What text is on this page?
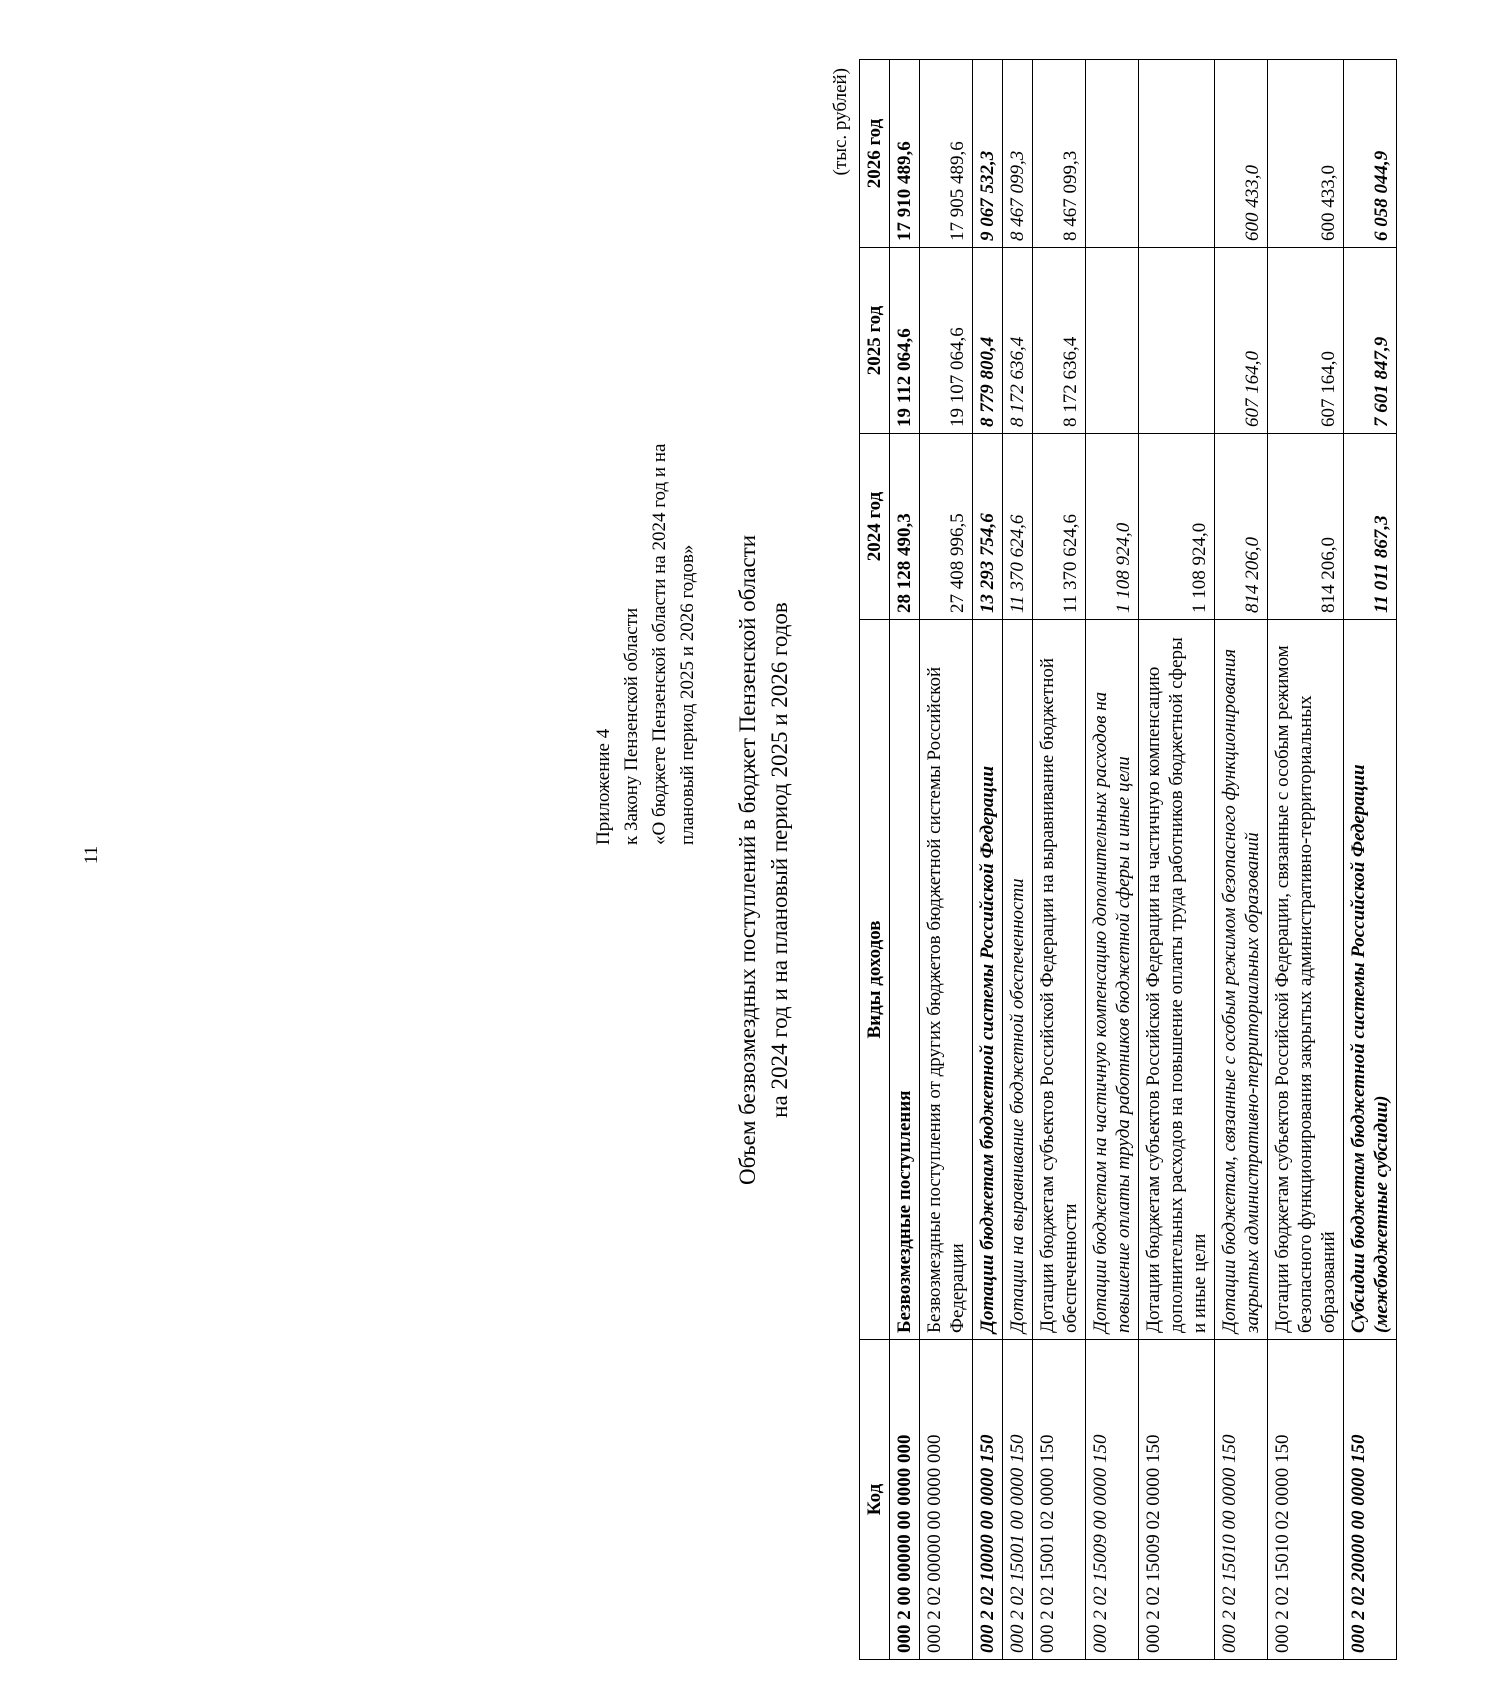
11
Приложение 4 к Закону Пензенской области «О бюджете Пензенской области на 2024 год и на плановый период 2025 и 2026 годов» Объем безвозмездных поступлений в бюджет Пензенской области на 2024 год и на плановый период 2025 и 2026 годов
(тыс. рублей)
Код	Виды доходов	2024 год	2025 год	2026 год
000 2 00 00000 00 0000 000	Безвозмездные поступления	28 128 490,3	19 112 064,6	17 910 489,6
000 2 02 00000 00 0000 000	Безвозмездные поступления от других бюджетов бюджетной системы Российской Федерации	27 408 996,5	19 107 064,6	17 905 489,6
000 2 02 10000 00 0000 150	Дотации бюджетам бюджетной системы Российской Федерации	13 293 754,6	8 779 800,4	9 067 532,3
000 2 02 15001 00 0000 150	Дотации на выравнивание бюджетной обеспеченности	11 370 624,6	8 172 636,4	8 467 099,3
000 2 02 15001 02 0000 150	Дотации бюджетам субъектов Российской Федерации на выравнивание бюджетной обеспеченности	11 370 624,6	8 172 636,4	8 467 099,3
000 2 02 15009 00 0000 150	Дотации бюджетам на частичную компенсацию дополнительных расходов на повышение оплаты труда работников бюджетной сферы и иные цели	1 108 924,0		
000 2 02 15009 02 0000 150	Дотации бюджетам субъектов Российской Федерации на частичную компенсацию дополнительных расходов на повышение оплаты труда работников бюджетной сферы и иные цели	1 108 924,0		
000 2 02 15010 00 0000 150	Дотации бюджетам, связанные с особым режимом безопасного функционирования закрытых административно-территориальных образований	814 206,0	607 164,0	600 433,0
000 2 02 15010 02 0000 150	Дотации бюджетам субъектов Российской Федерации, связанные с особым режимом безопасного функционирования закрытых административно-территориальных образований	814 206,0	607 164,0	600 433,0
000 2 02 20000 00 0000 150	Субсидии бюджетам бюджетной системы Российской Федерации (межбюджетные субсидии)	11 011 867,3	7 601 847,9	6 058 044,9
